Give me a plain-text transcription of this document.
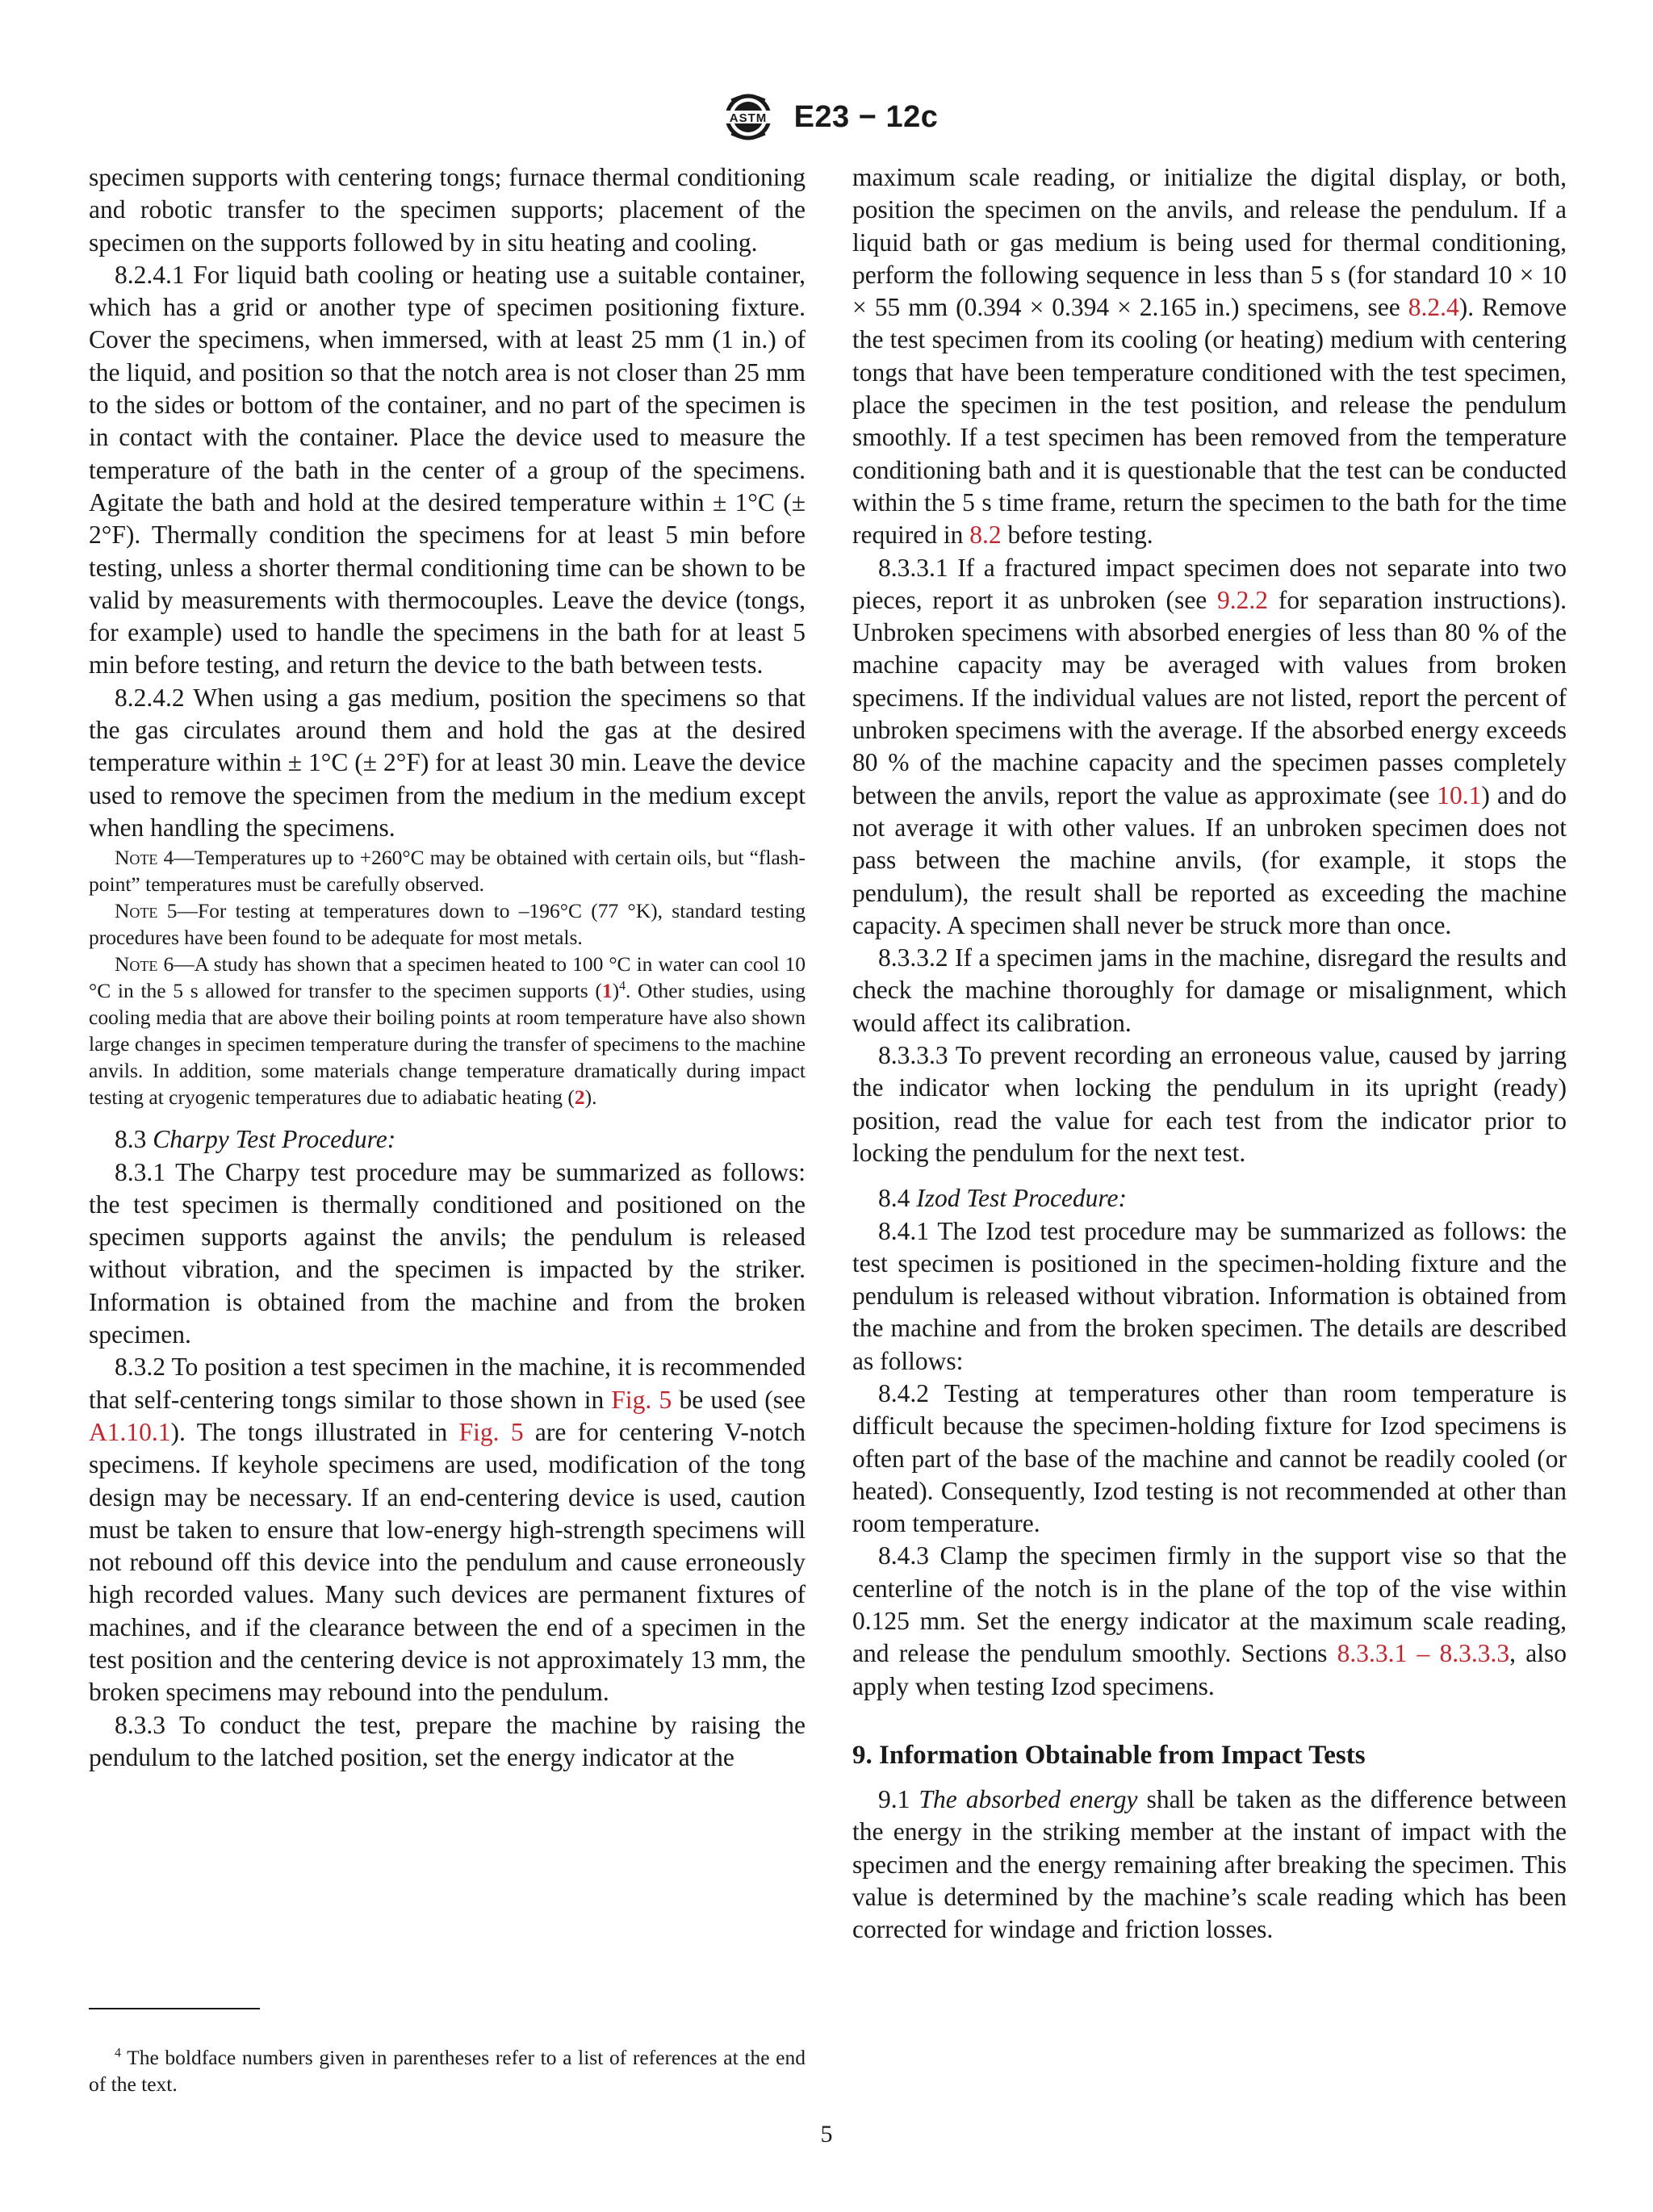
ASTM E23 − 12c

specimen supports with centering tongs; furnace thermal conditioning and robotic transfer to the specimen supports; placement of the specimen on the supports followed by in situ heating and cooling.

8.2.4.1 For liquid bath cooling or heating use a suitable container, which has a grid or another type of specimen positioning fixture. Cover the specimens, when immersed, with at least 25 mm (1 in.) of the liquid, and position so that the notch area is not closer than 25 mm to the sides or bottom of the container, and no part of the specimen is in contact with the container. Place the device used to measure the temperature of the bath in the center of a group of the specimens. Agitate the bath and hold at the desired temperature within ± 1°C (± 2°F). Thermally condition the specimens for at least 5 min before testing, unless a shorter thermal conditioning time can be shown to be valid by measurements with thermocouples. Leave the device (tongs, for example) used to handle the specimens in the bath for at least 5 min before testing, and return the device to the bath between tests.

8.2.4.2 When using a gas medium, position the specimens so that the gas circulates around them and hold the gas at the desired temperature within ± 1°C (± 2°F) for at least 30 min. Leave the device used to remove the specimen from the medium in the medium except when handling the specimens.

Note 4—Temperatures up to +260°C may be obtained with certain oils, but “flash-point” temperatures must be carefully observed.

Note 5—For testing at temperatures down to –196°C (77 °K), standard testing procedures have been found to be adequate for most metals.

Note 6—A study has shown that a specimen heated to 100 °C in water can cool 10 °C in the 5 s allowed for transfer to the specimen supports $(1)^4$. Other studies, using cooling media that are above their boiling points at room temperature have also shown large changes in specimen temperature during the transfer of specimens to the machine anvils. In addition, some materials change temperature dramatically during impact testing at cryogenic temperatures due to adiabatic heating (2).

8.3 Charpy Test Procedure:

8.3.1 The Charpy test procedure may be summarized as follows: the test specimen is thermally conditioned and positioned on the specimen supports against the anvils; the pendulum is released without vibration, and the specimen is impacted by the striker. Information is obtained from the machine and from the broken specimen.

8.3.2 To position a test specimen in the machine, it is recommended that self-centering tongs similar to those shown in Fig. 5 be used (see A1.10.1). The tongs illustrated in Fig. 5 are for centering V-notch specimens. If keyhole specimens are used, modification of the tong design may be necessary. If an end-centering device is used, caution must be taken to ensure that low-energy high-strength specimens will not rebound off this device into the pendulum and cause erroneously high recorded values. Many such devices are permanent fixtures of machines, and if the clearance between the end of a specimen in the test position and the centering device is not approximately 13 mm, the broken specimens may rebound into the pendulum.

8.3.3 To conduct the test, prepare the machine by raising the pendulum to the latched position, set the energy indicator at the

maximum scale reading, or initialize the digital display, or both, position the specimen on the anvils, and release the pendulum. If a liquid bath or gas medium is being used for thermal conditioning, perform the following sequence in less than 5 s (for standard 10 × 10 × 55 mm (0.394 × 0.394 × 2.165 in.) specimens, see 8.2.4). Remove the test specimen from its cooling (or heating) medium with centering tongs that have been temperature conditioned with the test specimen, place the specimen in the test position, and release the pendulum smoothly. If a test specimen has been removed from the temperature conditioning bath and it is questionable that the test can be conducted within the 5 s time frame, return the specimen to the bath for the time required in 8.2 before testing.

8.3.3.1 If a fractured impact specimen does not separate into two pieces, report it as unbroken (see 9.2.2 for separation instructions). Unbroken specimens with absorbed energies of less than 80 % of the machine capacity may be averaged with values from broken specimens. If the individual values are not listed, report the percent of unbroken specimens with the average. If the absorbed energy exceeds 80 % of the machine capacity and the specimen passes completely between the anvils, report the value as approximate (see 10.1) and do not average it with other values. If an unbroken specimen does not pass between the machine anvils, (for example, it stops the pendulum), the result shall be reported as exceeding the machine capacity. A specimen shall never be struck more than once.

8.3.3.2 If a specimen jams in the machine, disregard the results and check the machine thoroughly for damage or misalignment, which would affect its calibration.

8.3.3.3 To prevent recording an erroneous value, caused by jarring the indicator when locking the pendulum in its upright (ready) position, read the value for each test from the indicator prior to locking the pendulum for the next test.

8.4 Izod Test Procedure:

8.4.1 The Izod test procedure may be summarized as follows: the test specimen is positioned in the specimen-holding fixture and the pendulum is released without vibration. Information is obtained from the machine and from the broken specimen. The details are described as follows:

8.4.2 Testing at temperatures other than room temperature is difficult because the specimen-holding fixture for Izod specimens is often part of the base of the machine and cannot be readily cooled (or heated). Consequently, Izod testing is not recommended at other than room temperature.

8.4.3 Clamp the specimen firmly in the support vise so that the centerline of the notch is in the plane of the top of the vise within 0.125 mm. Set the energy indicator at the maximum scale reading, and release the pendulum smoothly. Sections 8.3.3.1 – 8.3.3.3, also apply when testing Izod specimens.

9. Information Obtainable from Impact Tests

9.1 The absorbed energy shall be taken as the difference between the energy in the striking member at the instant of impact with the specimen and the energy remaining after breaking the specimen. This value is determined by the machine’s scale reading which has been corrected for windage and friction losses.

$^4$ The boldface numbers given in parentheses refer to a list of references at the end of the text.

5
